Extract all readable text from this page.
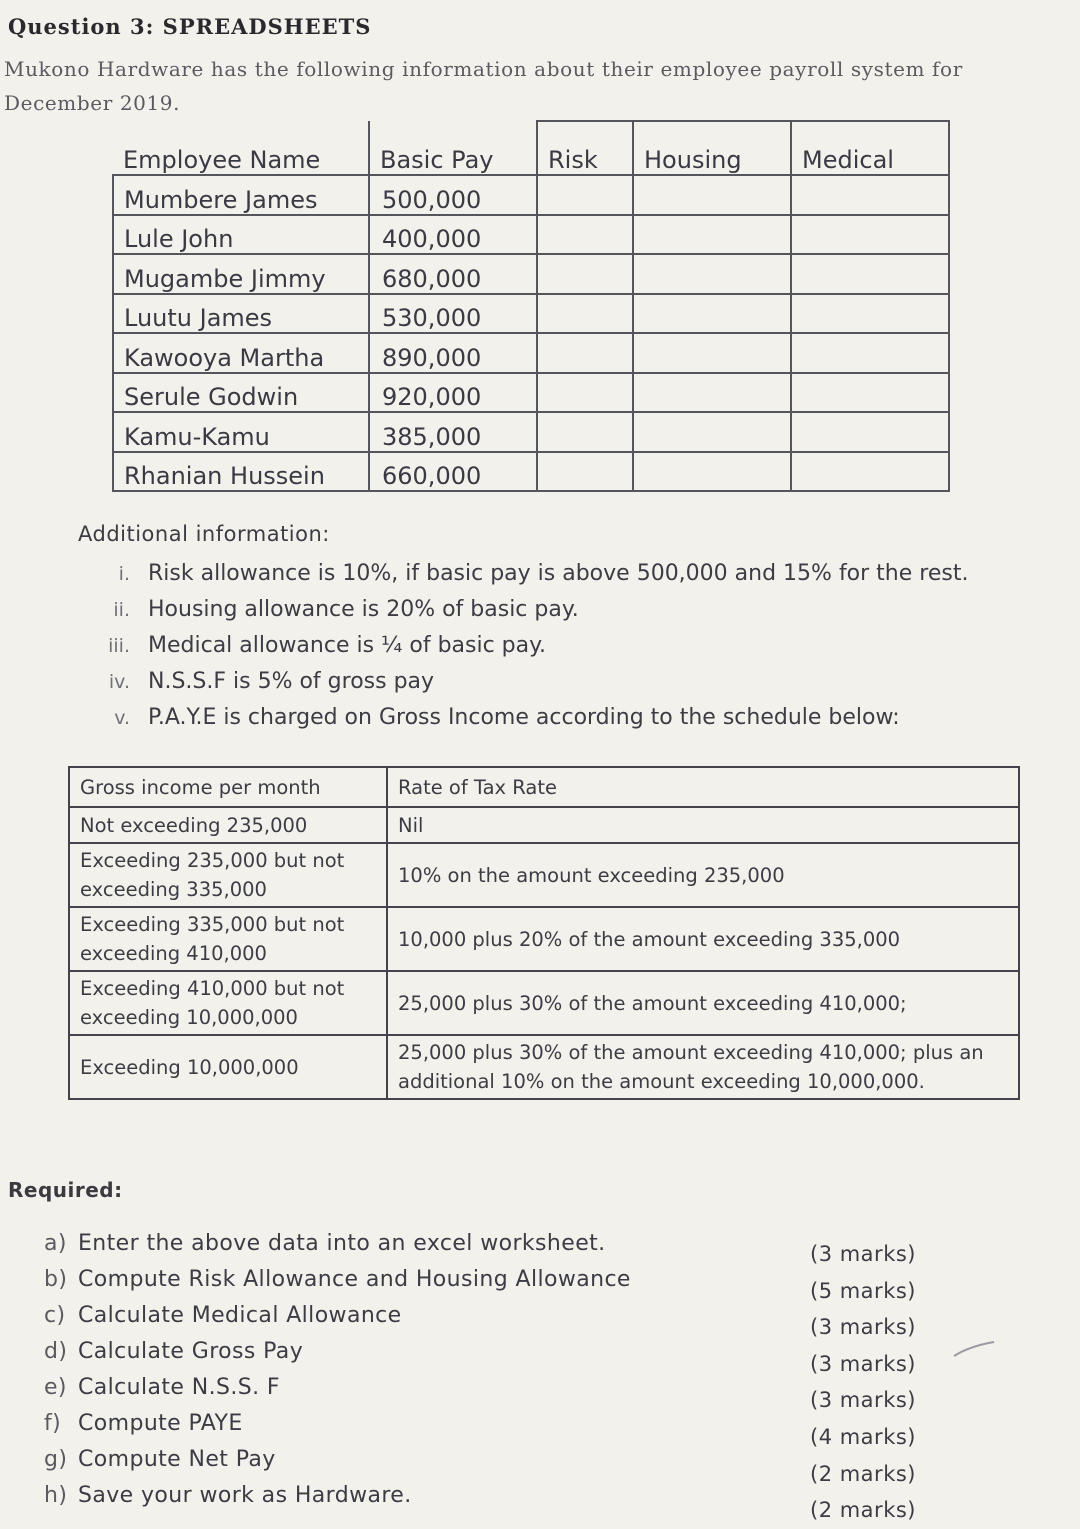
Question 3: SPREADSHEETS
Mukono Hardware has the following information about their employee payroll system for December 2019.
Employee Name	Basic Pay	Risk	Housing	Medical
Mumbere James	500,000			
Lule John	400,000			
Mugambe Jimmy	680,000			
Luutu James	530,000			
Kawooya Martha	890,000			
Serule Godwin	920,000			
Kamu-Kamu	385,000			
Rhanian Hussein	660,000			
Additional information:
i. Risk allowance is 10%, if basic pay is above 500,000 and 15% for the rest.
ii. Housing allowance is 20% of basic pay.
iii. Medical allowance is ¼ of basic pay.
iv. N.S.S.F is 5% of gross pay
v. P.A.Y.E is charged on Gross Income according to the schedule below:
Gross income per month	Rate of Tax Rate
Not exceeding 235,000	Nil
Exceeding 235,000 but not exceeding 335,000	10% on the amount exceeding 235,000
Exceeding 335,000 but not exceeding 410,000	10,000 plus 20% of the amount exceeding 335,000
Exceeding 410,000 but not exceeding 10,000,000	25,000 plus 30% of the amount exceeding 410,000;
Exceeding 10,000,000	25,000 plus 30% of the amount exceeding 410,000; plus an additional 10% on the amount exceeding 10,000,000.
Required:
a) Enter the above data into an excel worksheet.
b) Compute Risk Allowance and Housing Allowance
c) Calculate Medical Allowance
d) Calculate Gross Pay
e) Calculate N.S.S. F
f) Compute PAYE
g) Compute Net Pay
h) Save your work as Hardware.
(3 marks)
(5 marks)
(3 marks)
(3 marks)
(3 marks)
(4 marks)
(2 marks)
(2 marks)
